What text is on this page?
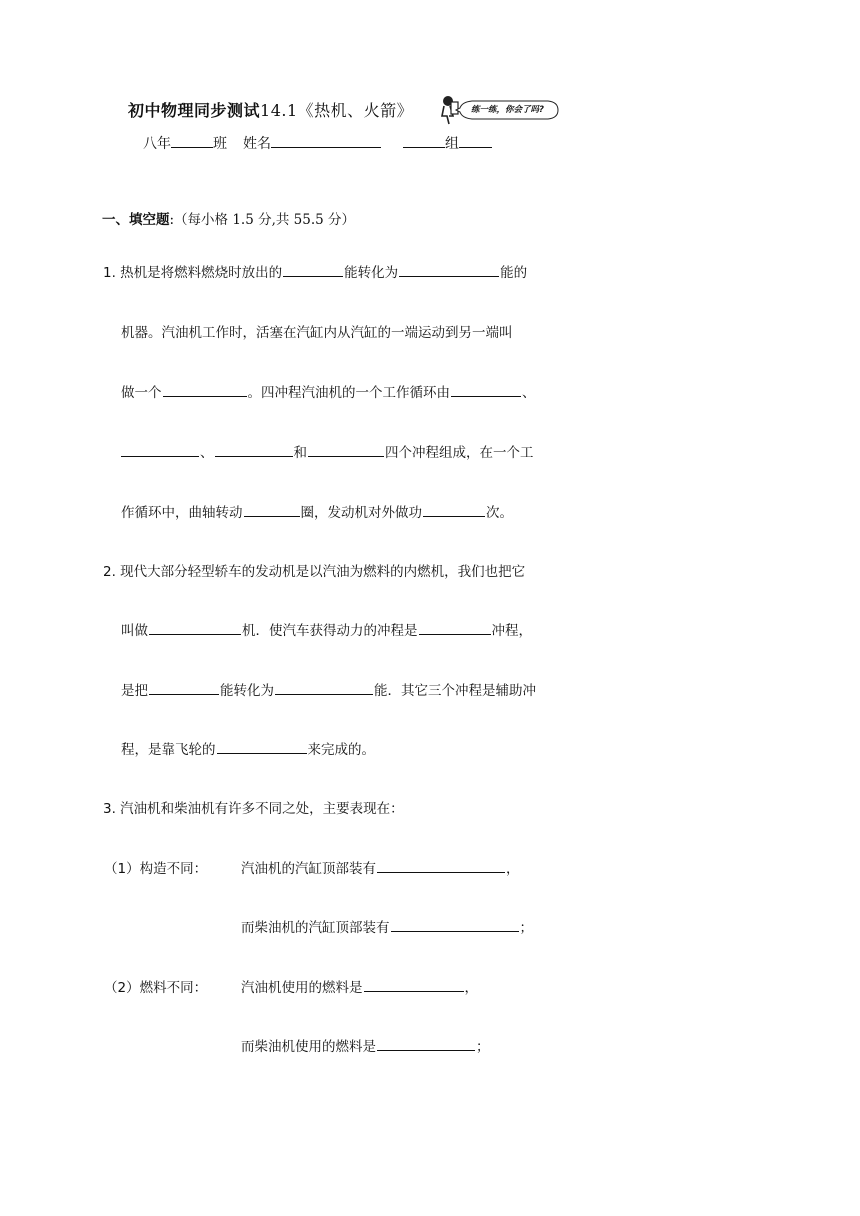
初中物理同步测试14.1《热机、火箭》	练一练，你会了吗?
八年	班 姓名	组
一、填空题:（每小格 1.5 分,共 55.5 分）
1. 热机是将燃料燃烧时放出的	能转化为	能的
机器。汽油机工作时，活塞在汽缸内从汽缸的一端运动到另一端叫
做一个	。四冲程汽油机的一个工作循环由	、
、	和	四个冲程组成，在一个工
作循环中，曲轴转动	圈，发动机对外做功	次。
2. 现代大部分轻型轿车的发动机是以汽油为燃料的内燃机，我们也把它
叫做	机．使汽车获得动力的冲程是	冲程，
是把	能转化为	能．其它三个冲程是辅助冲
程，是靠飞轮的	来完成的。
3. 汽油机和柴油机有许多不同之处，主要表现在：
（1）构造不同：	汽油机的汽缸顶部装有	，
而柴油机的汽缸顶部装有	；
（2）燃料不同：	汽油机使用的燃料是	，
而柴油机使用的燃料是	；
